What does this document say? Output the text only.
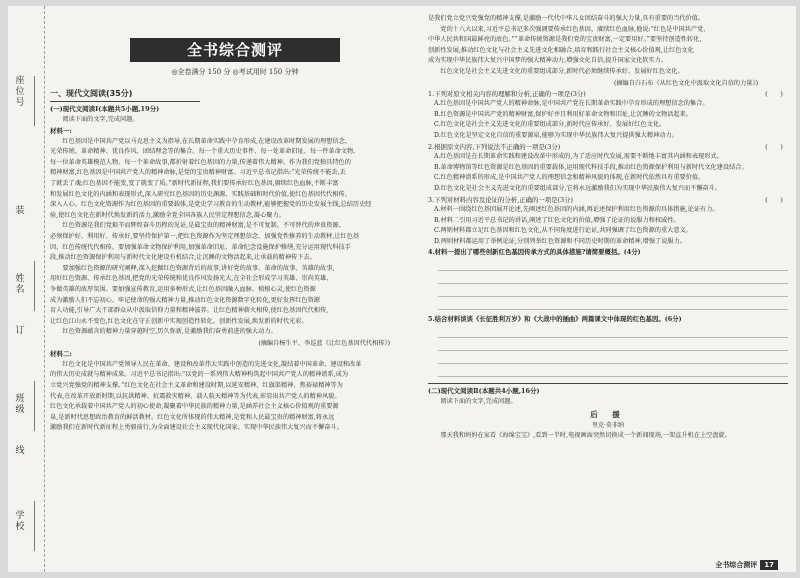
座位号
装
姓名
订
班级
线
学校
全书综合测评
◎全卷满分 150 分 ◎考试用时 150 分钟
一、现代文阅读(35分)
(一)现代文阅读Ⅰ(本题共5小题,19分)
阅读下面的文字,完成问题。
材料一:
红色基因是中国共产党以马克思主义为指导,在长期革命实践中孕育形成,在建设改革时期发展的理想信念、
光荣传统、革命精神、优良作风、团结理念等的集合。每一个重大历史事件、每一处革命旧址、每一件革命文物、
每一位革命英雄模范人物、每一个革命故事,都折射着红色基因的力量,传递着伟大精神。作为我们党独具特色的
精神财富,红色基因是中国共产党人的精神命脉,是党的宝贵精神财富。习近平总书记指出:“光荣传统不能丢,丢
了就丢了魂;红色基因不能变,变了就变了质。”新时代新征程,我们要传承好红色基因,赓续红色血脉,不断丰富
和发展红色文化的内涵和表现形式,深入研究红色基因的历史渊源、实践基础和时代价值,使红色基因代代相传、
深入人心。红色文化资源作为红色基因的重要载体,是党史学习教育的生动教材,能够把握党的历史发展主线,总结历史经
验,使红色文化在新时代焕发新的活力,激励全党全国各族人民坚定理想信念,凝心聚力。
红色资源是我们党艰辛而辉煌奋斗历程的见证,是最宝贵的精神财富,是不可复制、不可替代的珍贵资源。
必须保护好、利用好、传承好,要坚持保护第一,把红色资源作为坚定理想信念、加强党性修养的生动教材,让红色基
因、红色传统代代相传。要加强革命文物保护利用,加强革命旧址、革命纪念设施保护修缮,充分运用现代科技手
段,推动红色资源保护利用与新时代文化建设有机结合,让沉睡的文物活起来,让承载的精神传下去。
要加强红色资源的研究阐释,深入挖掘红色资源背后的故事,讲好党的故事、革命的故事、英雄的故事,
用好红色资源、传承红色基因,把党的光荣传统和优良作风发扬光大,在全社会形成学习英雄、崇尚英雄、
争做英雄的浓厚氛围。要加强宣传教育,运用多种形式,让红色基因融入血脉、植根心灵,使红色资源
成为激励人们不忘初心、牢记使命的强大精神力量,推动红色文化资源数字化转化,更好发挥红色资源
育人功能,引导广大干部群众从中汲取信仰力量和精神滋养。让红色精神薪火相传,使红色基因代代相传,
让红色江山永不变色,红色文化在守正创新中实现创造性转化、创新性发展,焕发新的时代光彩。
红色资源蕴含的精神力量穿越时空,历久弥新,是激励我们奋勇前进的强大动力。
(摘编自杨生平、李巡蓝《让红色基因代代相传》)
材料二:
红色文化是中国共产党领导人民在革命、建设和改革伟大实践中创造的先进文化,凝结着中国革命、建设和改革
的伟大历史成就与精神成果。习近平总书记指出:“以党的一系列伟大精神构筑起中国共产党人的精神谱系,成为
立党兴党强党的精神支撑。”红色文化在社会主义革命和建设时期,以延安精神、红旗渠精神、焦裕禄精神等为
代表,在改革开放新时期,以抗洪精神、抗震救灾精神、载人航天精神等为代表,彰显出共产党人的精神风貌。
红色文化承载着中国共产党人的初心使命,凝聚着中华民族的精神力量,是涵养社会主义核心价值观的重要源
泉,是新时代思想政治教育的鲜活教材。红色文化所体现的伟大精神,是党和人民最宝贵的精神财富,将永远
激励我们在新时代新征程上勇毅前行,为全面建设社会主义现代化国家、实现中华民族伟大复兴而不懈奋斗。
是我们党立党兴党强党的精神支撑,是激励一代代中华儿女团结奋斗的强大力量,具有重要的当代价值。
党的十八大以来,习近平总书记多次强调要传承红色基因、赓续红色血脉,他说:“红色是中国共产党、
中华人民共和国最鲜亮的底色。”“革命传统资源是我们党的宝贵财富,一定要用好。”要坚持创造性转化、
创新性发展,推动红色文化与社会主义先进文化相融合,培育和践行社会主义核心价值观,让红色文化
成为实现中华民族伟大复兴中国梦的强大精神动力,增强文化自信,提升国家文化软实力。
红色文化是社会主义先进文化的重要组成部分,新时代必须继续传承好、发展好红色文化。
(摘编自白石布《从红色文化中汲取文化自信的力量》)
(　　)
1.下列对原文相关内容的理解和分析,正确的一项是(3分)
A.红色基因是中国共产党人的精神命脉,是中国共产党在长期革命实践中孕育形成的理想信念的集合。
B.红色资源是中国共产党的精神财富,保护好并且利用好革命文物和旧址,让沉睡的文物活起来。
C.红色文化是社会主义先进文化的重要组成部分,新时代应传承好、发展好红色文化。
D.红色文化是坚定文化自信的重要源泉,能够为实现中华民族伟大复兴提供强大精神动力。
(　　)
2.根据原文内容,下列说法不正确的一项是(3分)
A.红色基因是在长期革命实践和建设改革中形成的,为了适应时代发展,需要不断地丰富其内涵和表现形式。
B.革命博物馆等红色资源是红色基因的重要载体,运用现代科技手段,推动红色资源保护利用与新时代文化建设结合。
C.红色精神谱系的形成,是中国共产党人的理想信念和精神风貌的体现,在新时代依然具有重要价值。
D.红色文化是社会主义先进文化的重要组成部分,它将永远激励我们为实现中华民族伟大复兴而不懈奋斗。
(　　)
3.下列对材料内容及论证的分析,正确的一项是(3分)
A.材料一围绕红色基因展开论述,先阐述红色基因的内涵,再论述保护利用红色资源的具体措施,论证有力。
B.材料二引用习近平总书记的讲话,阐述了红色文化的价值,增强了论证的说服力和权威性。
C.两则材料都立足红色基因和红色文化,从不同角度进行论证,共同强调了红色资源的重大意义。
D.两则材料都运用了举例论证,分别列举红色资源和不同历史时期的革命精神,增强了说服力。
4.材料一提出了哪些创新红色基因传承方式的具体措施?请简要概括。(4分)
5.结合材料谈谈《长征胜利万岁》和《大战中的插曲》两篇课文中体现的红色基因。(6分)
(二)现代文阅读Ⅱ(本题共4小题,16分)
阅读下面的文字,完成问题。
后 援
里克·莫非纳
那天我和妈妈在家看《海绵宝宝》,看到一半时,电视画面突然切换成一个新闻现场,一架直升机在上空盘旋。
全书综合测评 17
